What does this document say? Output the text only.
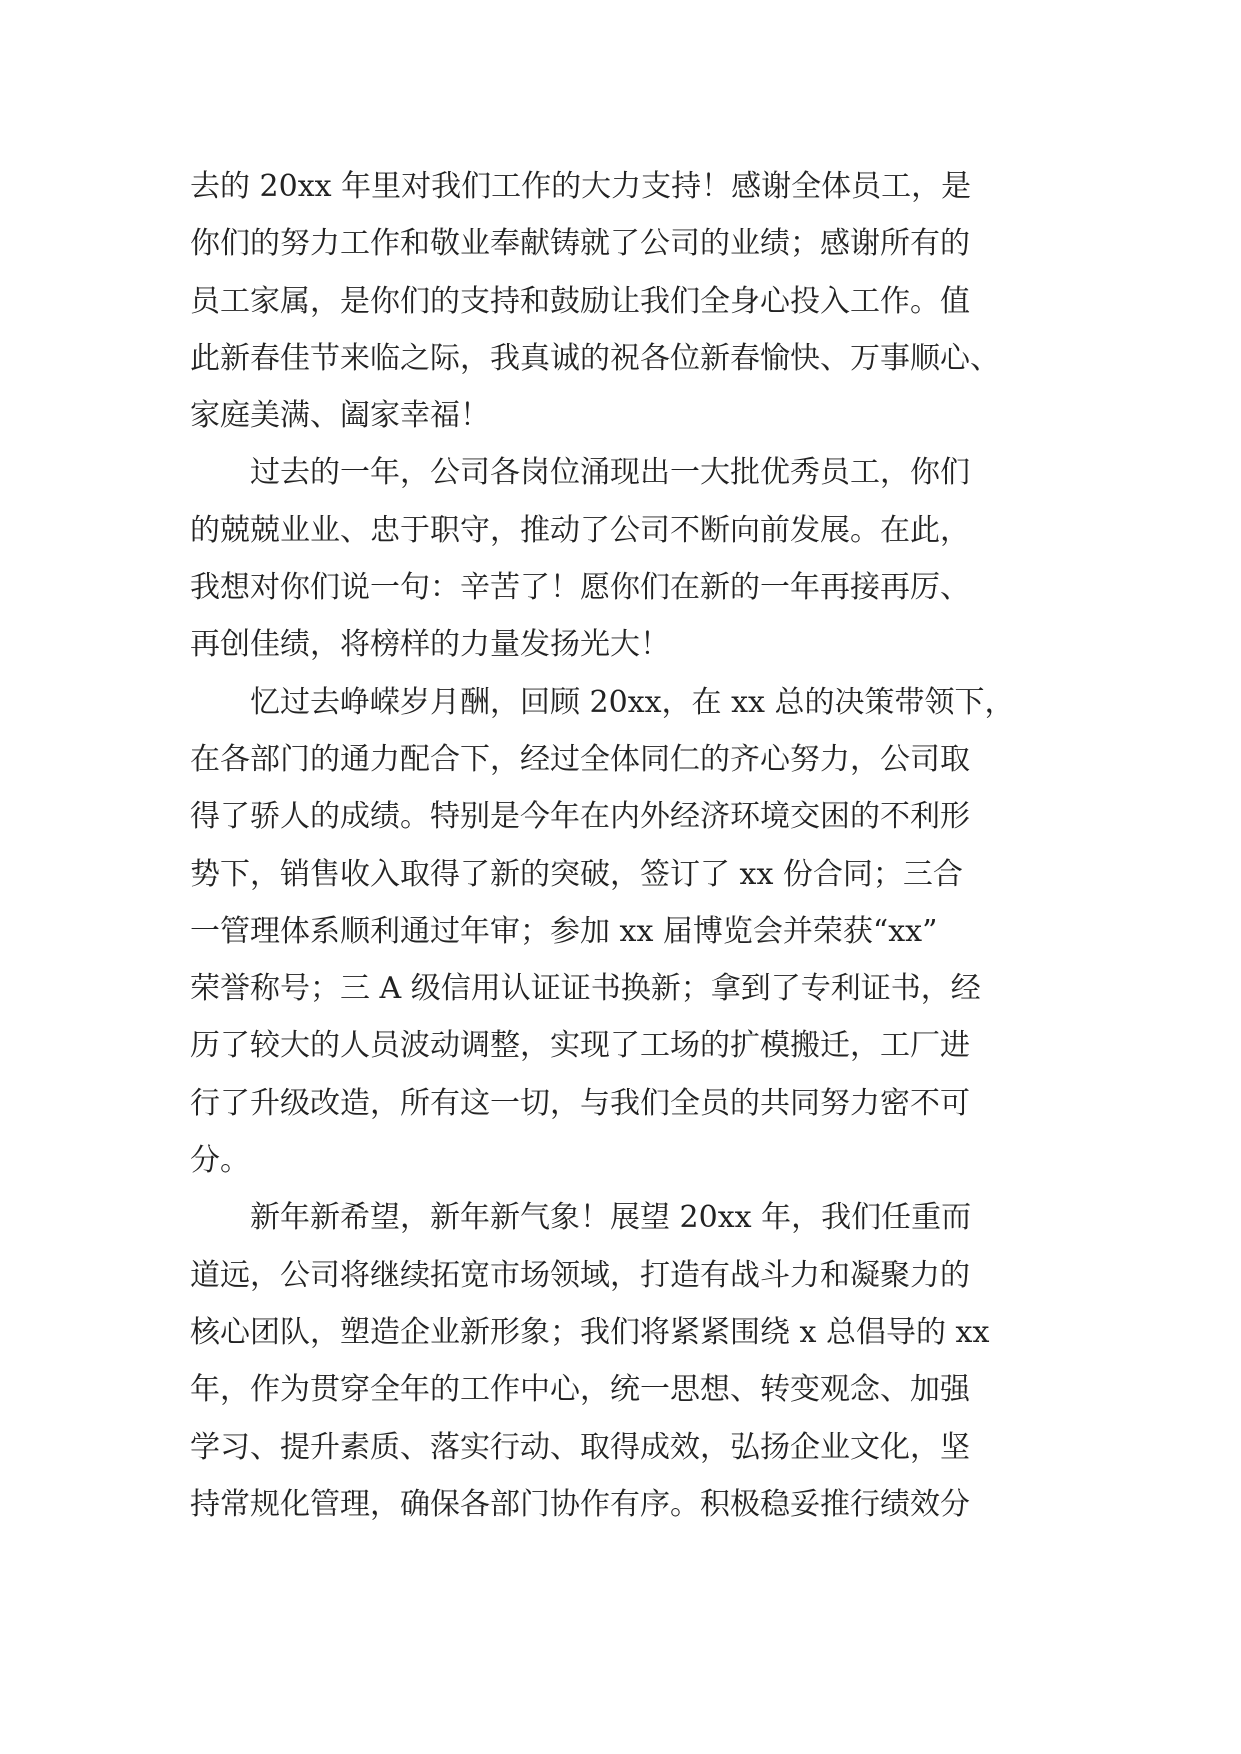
去的 20xx 年里对我们工作的大力支持！感谢全体员工，是
你们的努力工作和敬业奉献铸就了公司的业绩；感谢所有的
员工家属，是你们的支持和鼓励让我们全身心投入工作。值
此新春佳节来临之际，我真诚的祝各位新春愉快、万事顺心、
家庭美满、阖家幸福！
过去的一年，公司各岗位涌现出一大批优秀员工，你们
的兢兢业业、忠于职守，推动了公司不断向前发展。在此，
我想对你们说一句：辛苦了！愿你们在新的一年再接再厉、
再创佳绩，将榜样的力量发扬光大！
忆过去峥嵘岁月酬，回顾 20xx，在 xx 总的决策带领下，
在各部门的通力配合下，经过全体同仁的齐心努力，公司取
得了骄人的成绩。特别是今年在内外经济环境交困的不利形
势下，销售收入取得了新的突破，签订了 xx 份合同；三合
一管理体系顺利通过年审；参加 xx 届博览会并荣获“xx”
荣誉称号；三 A 级信用认证证书换新；拿到了专利证书，经
历了较大的人员波动调整，实现了工场的扩模搬迁，工厂进
行了升级改造，所有这一切，与我们全员的共同努力密不可
分。
新年新希望，新年新气象！展望 20xx 年，我们任重而
道远，公司将继续拓宽市场领域，打造有战斗力和凝聚力的
核心团队，塑造企业新形象；我们将紧紧围绕 x 总倡导的 xx
年，作为贯穿全年的工作中心，统一思想、转变观念、加强
学习、提升素质、落实行动、取得成效，弘扬企业文化，坚
持常规化管理，确保各部门协作有序。积极稳妥推行绩效分
